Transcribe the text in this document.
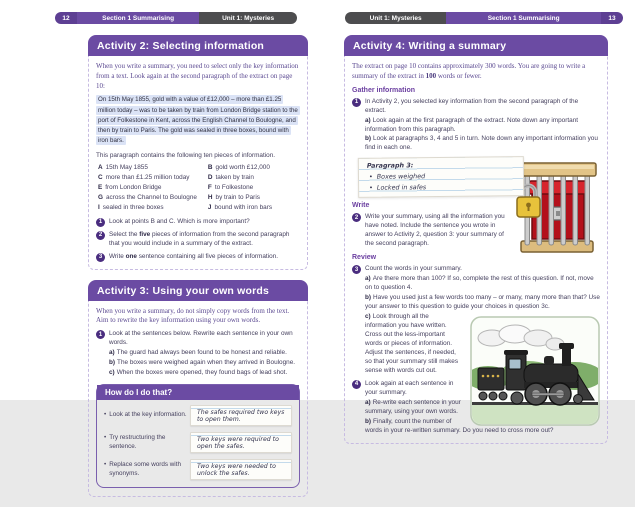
12	Section 1 Summarising	Unit 1: Mysteries
Activity 2: Selecting information

When you write a summary, you need to select only the key information from a text. Look again at the second paragraph of the extract on page 10:

On 15th May 1855, gold with a value of £12,000 – more than £1.25 million today – was to be taken by train from London Bridge station to the port of Folkestone in Kent, across the English Channel to Boulogne, and then by train to Paris. The gold was sealed in three boxes, bound with iron bars.

This paragraph contains the following ten pieces of information.

A 15th May 1855	B gold worth £12,000
C more than £1.25 million today	D taken by train
E from London Bridge	F to Folkestone
G across the Channel to Boulogne	H by train to Paris
I sealed in three boxes	J bound with iron bars
1	Look at points B and C. Which is more important?
2	Select the five pieces of information from the second paragraph that you would include in a summary of the extract.
3	Write one sentence containing all five pieces of information.
Activity 3: Using your own words

When you write a summary, do not simply copy words from the text. Aim to rewrite the key information using your own words.

1	Look at the sentences below. Rewrite each sentence in your own words.
a) The guard had always been found to be honest and reliable.
b) The boxes were weighed again when they arrived in Boulogne.
c) When the boxes were opened, they found bags of lead shot.
How do I do that?
• Look at the key information.	The safes required two keys to open them.
• Try restructuring the sentence.
Two keys were required to open the safes.
• Replace some words with synonyms.
Two keys were needed to unlock the safes.
Unit 1: Mysteries	Section 1 Summarising	13
Activity 4: Writing a summary

The extract on page 10 contains approximately 300 words. You are going to write a summary of the extract in 100 words or fewer.

Gather information
1	In Activity 2, you selected key information from the second paragraph of the extract.
a) Look again at the first paragraph of the extract. Note down any important information from this paragraph.
b) Look at paragraphs 3, 4 and 5 in turn. Note down any important information you find in each one.
Paragraph 3:
• Boxes weighed
• Locked in safes
Write
2	Write your summary, using all the information you have noted. Include the sentence you wrote in answer to Activity 2, question 3: your summary of the second paragraph.
Review
3	Count the words in your summary.
a) Are there more than 100? If so, complete the rest of this question. If not, move on to question 4.
b) Have you used just a few words too many – or many, many more than that? Use your answer to this question to guide your choices in question 3c.
c) Look through all the information you have written. Cross out the less-important words or pieces of information. Adjust the sentences, if needed, so that your summary still makes sense with words cut out.
4	Look again at each sentence in your summary.
a) Re-write each sentence in your summary, using your own words.
b) Finally, count the number of words in your re-written summary. Do you need to cross more out?
